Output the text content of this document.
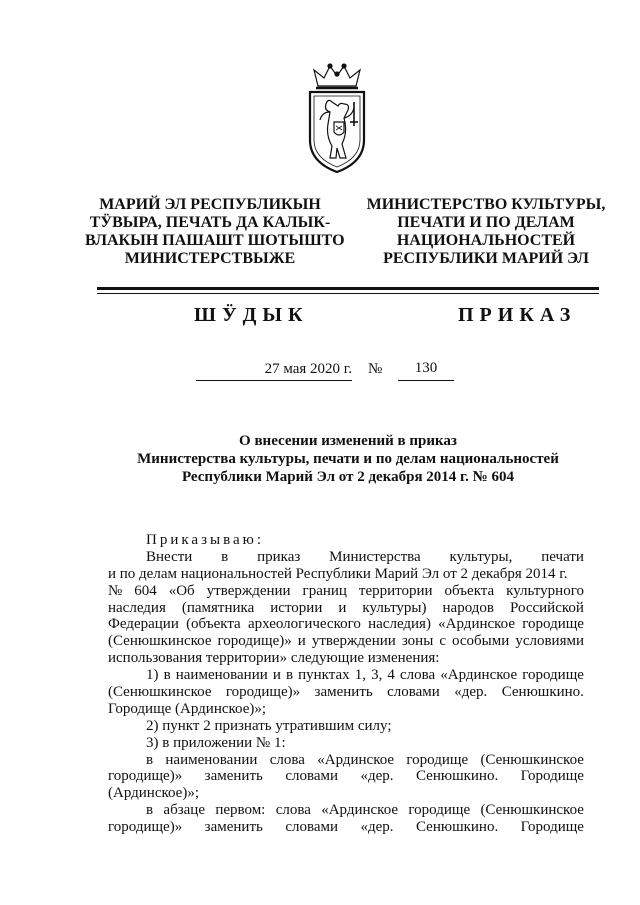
МАРИЙ ЭЛ РЕСПУБЛИКЫН
ТӰВЫРА, ПЕЧАТЬ ДА КАЛЫК-
ВЛАКЫН ПАШАШТ ШОТЫШТО
МИНИСТЕРСТВЫЖЕ
МИНИСТЕРСТВО КУЛЬТУРЫ,
ПЕЧАТИ И ПО ДЕЛАМ
НАЦИОНАЛЬНОСТЕЙ
РЕСПУБЛИКИ МАРИЙ ЭЛ
ШӰДЫК	ПРИКАЗ
27 мая 2020 г. №	130
О внесении изменений в приказ
Министерства культуры, печати и по делам национальностей
Республики Марий Эл от 2 декабря 2014 г. № 604
Приказываю:
Внести в приказ Министерства культуры, печати
и по делам национальностей Республики Марий Эл от 2 декабря 2014 г.
№ 604 «Об утверждении границ территории объекта культурного
наследия (памятника истории и культуры) народов Российской
Федерации (объекта археологического наследия) «Ардинское городище
(Сенюшкинское городище)» и утверждении зоны с особыми условиями
использования территории» следующие изменения:
1) в наименовании и в пунктах 1, 3, 4 слова «Ардинское городище
(Сенюшкинское городище)» заменить словами «дер. Сенюшкино.
Городище (Ардинское)»;
2) пункт 2 признать утратившим силу;
3) в приложении № 1:
в наименовании слова «Ардинское городище (Сенюшкинское
городище)» заменить словами «дер. Сенюшкино. Городище
(Ардинское)»;
в абзаце первом: слова «Ардинское городище (Сенюшкинское
городище)» заменить словами «дер. Сенюшкино. Городище
